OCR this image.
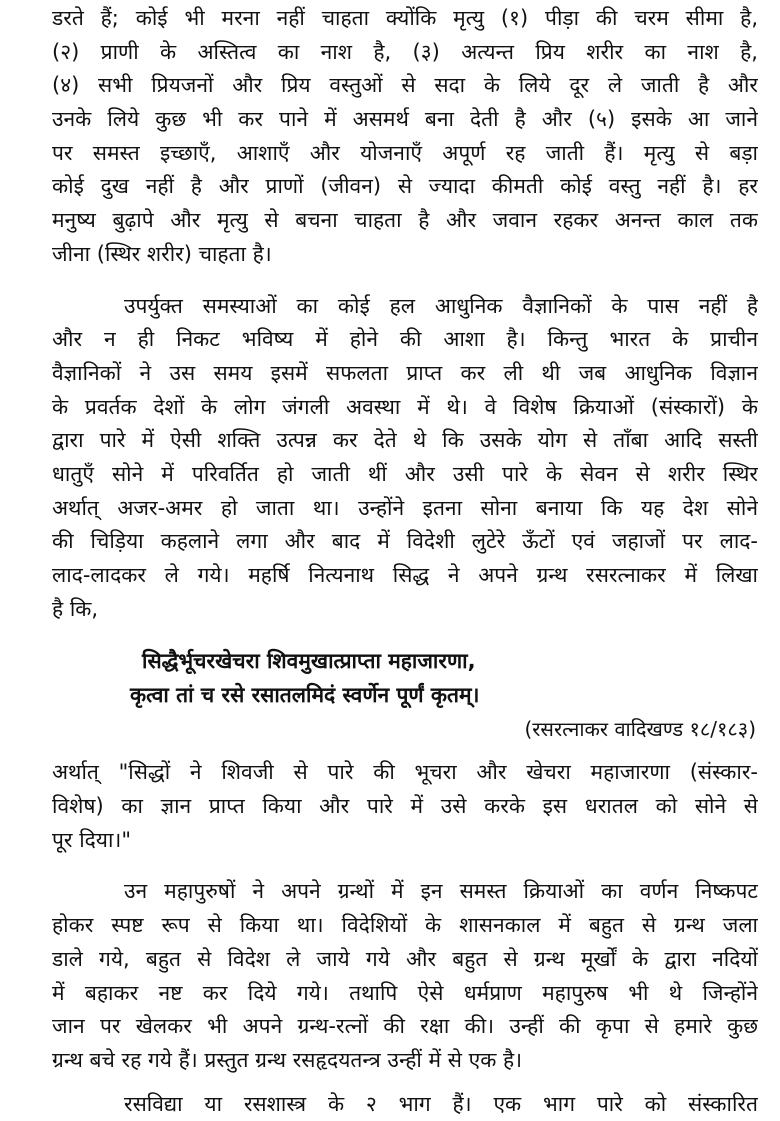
डरते हैं; कोई भी मरना नहीं चाहता क्योंकि मृत्यु (१) पीड़ा की चरम सीमा है,
(२) प्राणी के अस्तित्व का नाश है, (३) अत्यन्त प्रिय शरीर का नाश है,
(४) सभी प्रियजनों और प्रिय वस्तुओं से सदा के लिये दूर ले जाती है और
उनके लिये कुछ भी कर पाने में असमर्थ बना देती है और (५) इसके आ जाने
पर समस्त इच्छाएँ, आशाएँ और योजनाएँ अपूर्ण रह जाती हैं। मृत्यु से बड़ा
कोई दुख नहीं है और प्राणों (जीवन) से ज्यादा कीमती कोई वस्तु नहीं है। हर
मनुष्य बुढ़ापे और मृत्यु से बचना चाहता है और जवान रहकर अनन्त काल तक
जीना (स्थिर शरीर) चाहता है।
उपर्युक्त समस्याओं का कोई हल आधुनिक वैज्ञानिकों के पास नहीं है
और न ही निकट भविष्य में होने की आशा है। किन्तु भारत के प्राचीन
वैज्ञानिकों ने उस समय इसमें सफलता प्राप्त कर ली थी जब आधुनिक विज्ञान
के प्रवर्तक देशों के लोग जंगली अवस्था में थे। वे विशेष क्रियाओं (संस्कारों) के
द्वारा पारे में ऐसी शक्ति उत्पन्न कर देते थे कि उसके योग से ताँबा आदि सस्ती
धातुएँ सोने में परिवर्तित हो जाती थीं और उसी पारे के सेवन से शरीर स्थिर
अर्थात् अजर-अमर हो जाता था। उन्होंने इतना सोना बनाया कि यह देश सोने
की चिड़िया कहलाने लगा और बाद में विदेशी लुटेरे ऊँटों एवं जहाजों पर लाद-
लाद-लादकर ले गये। महर्षि नित्यनाथ सिद्ध ने अपने ग्रन्थ रसरत्नाकर में लिखा
है कि,
सिद्धैर्भूचरखेचरा शिवमुखात्प्राप्ता महाजारणा,
कृत्वा तां च रसे रसातलमिदं स्वर्णेन पूर्णं कृतम्।
(रसरत्नाकर वादिखण्ड १८/१८३)
अर्थात् "सिद्धों ने शिवजी से पारे की भूचरा और खेचरा महाजारणा (संस्कार-
विशेष) का ज्ञान प्राप्त किया और पारे में उसे करके इस धरातल को सोने से
पूर दिया।"
उन महापुरुषों ने अपने ग्रन्थों में इन समस्त क्रियाओं का वर्णन निष्कपट
होकर स्पष्ट रूप से किया था। विदेशियों के शासनकाल में बहुत से ग्रन्थ जला
डाले गये, बहुत से विदेश ले जाये गये और बहुत से ग्रन्थ मूर्खों के द्वारा नदियों
में बहाकर नष्ट कर दिये गये। तथापि ऐसे धर्मप्राण महापुरुष भी थे जिन्होंने
जान पर खेलकर भी अपने ग्रन्थ-रत्नों की रक्षा की। उन्हीं की कृपा से हमारे कुछ
ग्रन्थ बचे रह गये हैं। प्रस्तुत ग्रन्थ रसहृदयतन्त्र उन्हीं में से एक है।
रसविद्या या रसशास्त्र के २ भाग हैं। एक भाग पारे को संस्कारित
